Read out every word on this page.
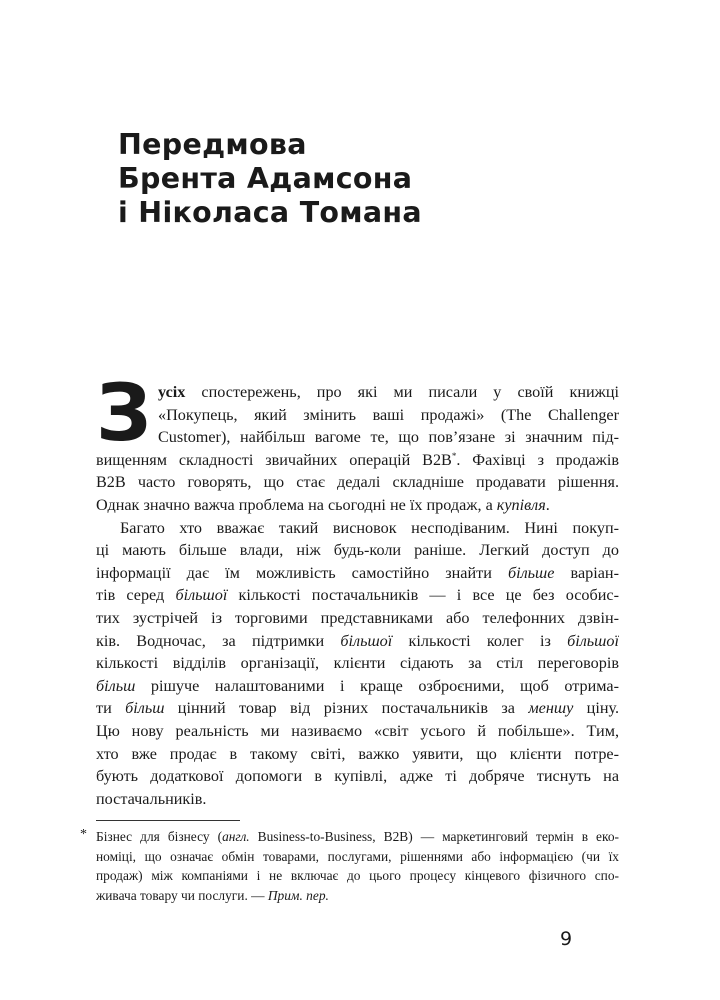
Передмова
Брента Адамсона
і Ніколаса Томана
З усіх спостережень, про які ми писали у своїй книжці
«Покупець, який змінить ваші продажі» (The Challenger
Customer), найбільш вагоме те, що пов’язане зі значним під-
вищенням складності звичайних операцій B2B*. Фахівці з продажів
B2B часто говорять, що стає дедалі складніше продавати рішення.
Однак значно важча проблема на сьогодні не їх продаж, а купівля.
Багато хто вважає такий висновок несподіваним. Нині покуп-
ці мають більше влади, ніж будь-коли раніше. Легкий доступ до
інформації дає їм можливість самостійно знайти більше варіан-
тів серед більшої кількості постачальників — і все це без особис-
тих зустрічей із торговими представниками або телефонних дзвін-
ків. Водночас, за підтримки більшої кількості колег із більшої
кількості відділів організації, клієнти сідають за стіл переговорів
більш рішуче налаштованими і краще озброєними, щоб отрима-
ти більш цінний товар від різних постачальників за меншу ціну.
Цю нову реальність ми називаємо «світ усього й побільше». Тим,
хто вже продає в такому світі, важко уявити, що клієнти потре-
бують додаткової допомоги в купівлі, адже ті добряче тиснуть на
постачальників.
* Бізнес для бізнесу (англ. Business-to-Business, B2B) — маркетинговий термін в еко-
номіці, що означає обмін товарами, послугами, рішеннями або інформацією (чи їх
продаж) між компаніями і не включає до цього процесу кінцевого фізичного спо-
живача товару чи послуги. — Прим. пер.
9
